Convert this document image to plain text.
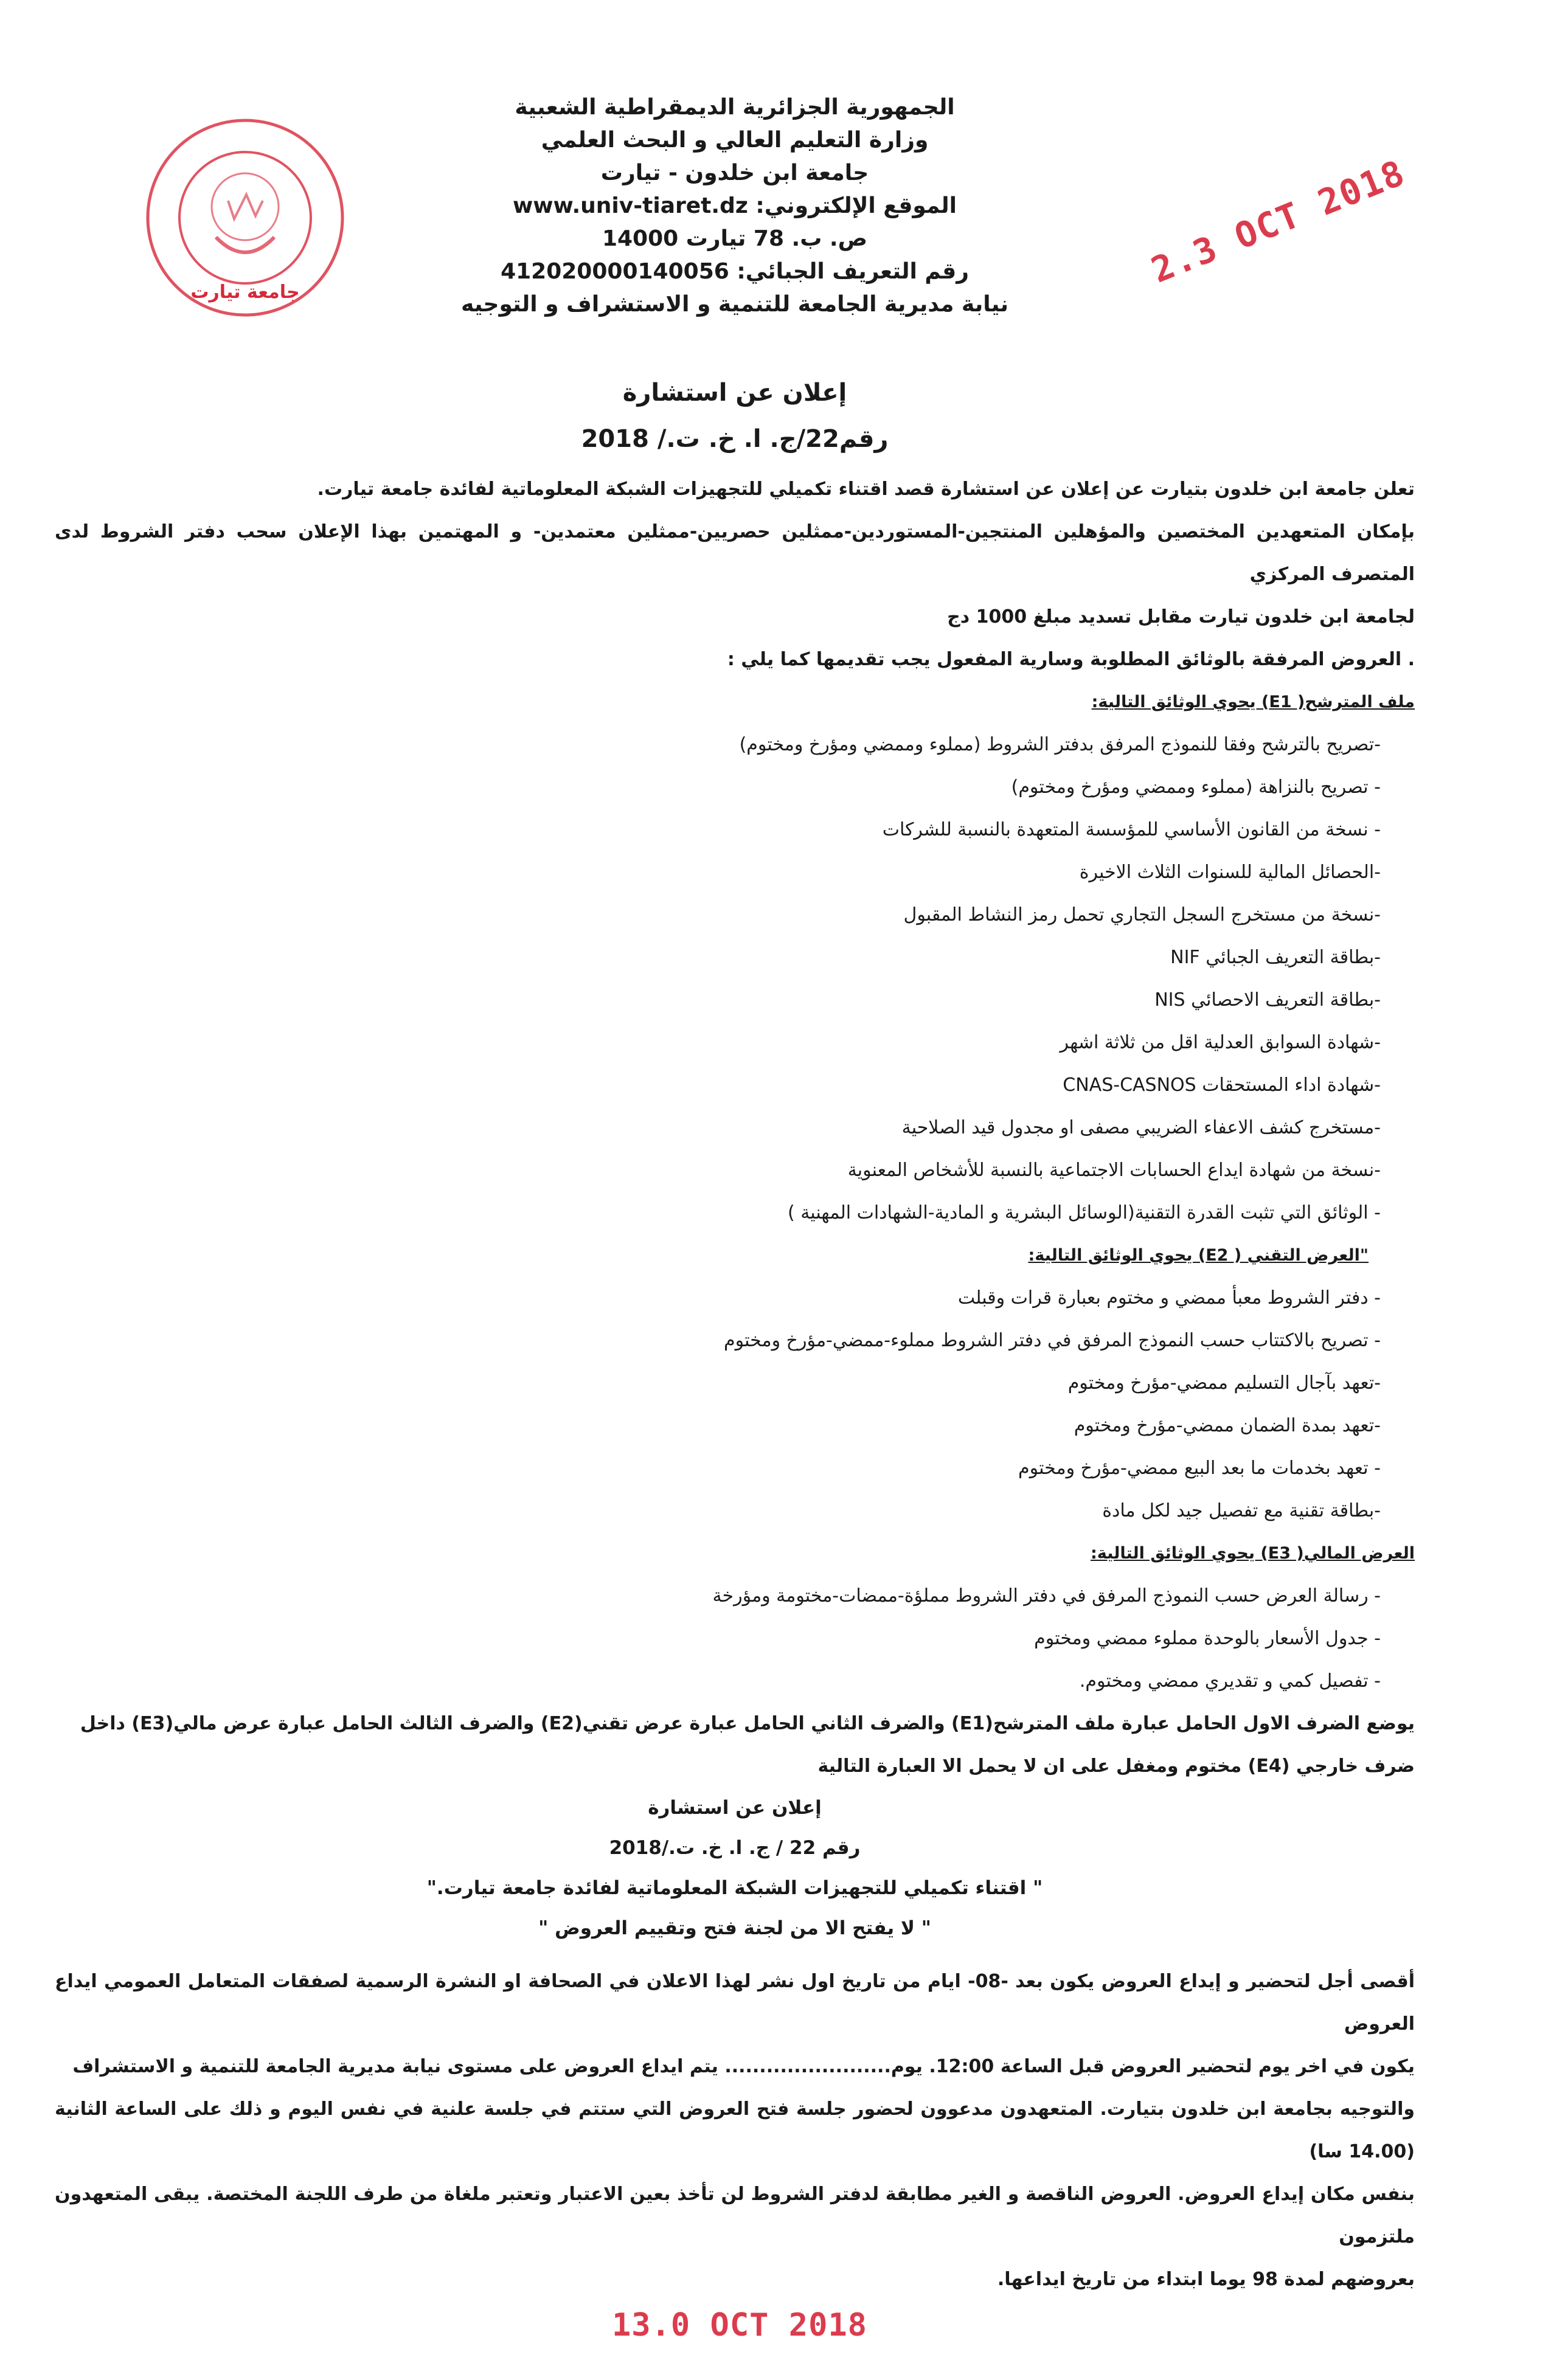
الجمهورية الجزائرية الديمقراطية الشعبية
وزارة التعليم العالي و البحث العلمي
جامعة ابن خلدون - تيارت
الموقع الإلكتروني: www.univ-tiaret.dz
ص. ب. 78 تيارت 14000
رقم التعريف الجبائي: 412020000140056
نيابة مديرية الجامعة للتنمية و الاستشراف و التوجيه
إعلان عن استشارة
رقم22/ج. ا. خ. ت./ 2018
تعلن جامعة ابن خلدون بتيارت عن إعلان عن استشارة قصد اقتناء تكميلي للتجهيزات الشبكة المعلوماتية لفائدة جامعة تيارت.
بإمكان المتعهدين المختصين والمؤهلين المنتجين-المستوردين-ممثلين حصريين-ممثلين معتمدين- و المهتمين بهذا الإعلان سحب دفتر الشروط لدى المتصرف المركزي
لجامعة ابن خلدون تيارت مقابل تسديد مبلغ 1000 دج
. العروض المرفقة بالوثائق المطلوبة وسارية المفعول يجب تقديمها كما يلي :
ملف المترشح( E1) يحوي الوثائق التالية:
-تصريح بالترشح وفقا للنموذج المرفق بدفتر الشروط (مملوء وممضي ومؤرخ ومختوم)
- تصريح بالنزاهة (مملوء وممضي ومؤرخ ومختوم)
- نسخة من القانون الأساسي للمؤسسة المتعهدة بالنسبة للشركات
-الحصائل المالية للسنوات الثلاث الاخيرة
-نسخة من مستخرج السجل التجاري تحمل رمز النشاط المقبول
-بطاقة التعريف الجبائي NIF
-بطاقة التعريف الاحصائي NIS
-شهادة السوابق العدلية اقل من ثلاثة اشهر
-شهادة اداء المستحقات CNAS-CASNOS
-مستخرج كشف الاعفاء الضريبي مصفى او مجدول قيد الصلاحية
-نسخة من شهادة ايداع الحسابات الاجتماعية بالنسبة للأشخاص المعنوية
- الوثائق التي تثبت القدرة التقنية(الوسائل البشرية و المادية-الشهادات المهنية )
"العرض التقني ( E2) يحوي الوثائق التالية:
- دفتر الشروط معبأ ممضي و مختوم بعبارة قرات وقبلت
- تصريح بالاكتتاب حسب النموذج المرفق في دفتر الشروط مملوء-ممضي-مؤرخ ومختوم
-تعهد بآجال التسليم ممضي-مؤرخ ومختوم
-تعهد بمدة الضمان ممضي-مؤرخ ومختوم
- تعهد بخدمات ما بعد البيع ممضي-مؤرخ ومختوم
-بطاقة تقنية مع تفصيل جيد لكل مادة
العرض المالي( E3) يحوي الوثائق التالية:
- رسالة العرض حسب النموذج المرفق في دفتر الشروط مملؤة-ممضات-مختومة ومؤرخة
- جدول الأسعار بالوحدة مملوء ممضي ومختوم
- تفصيل كمي و تقديري ممضي ومختوم.
يوضع الضرف الاول الحامل عبارة ملف المترشح(E1) والضرف الثاني الحامل عبارة عرض تقني(E2) والضرف الثالث الحامل عبارة عرض مالي(E3) داخل
ضرف خارجي (E4) مختوم ومغفل على ان لا يحمل الا العبارة التالية
إعلان عن استشارة
رقم 22 / ج. ا. خ. ت./2018
" اقتناء تكميلي للتجهيزات الشبكة المعلوماتية لفائدة جامعة تيارت."
" لا يفتح الا من لجنة فتح وتقييم العروض "
أقصى أجل لتحضير و إيداع العروض يكون بعد -08- ايام من تاريخ اول نشر لهذا الاعلان في الصحافة او النشرة الرسمية لصفقات المتعامل العمومي ايداع العروض
يكون في اخر يوم لتحضير العروض قبل الساعة 12:00. يوم........................ يتم ايداع العروض على مستوى نيابة مديرية الجامعة للتنمية و الاستشراف
والتوجيه بجامعة ابن خلدون بتيارت. المتعهدون مدعوون لحضور جلسة فتح العروض التي ستتم في جلسة علنية في نفس اليوم و ذلك على الساعة الثانية (14.00 سا)
بنفس مكان إيداع العروض. العروض الناقصة و الغير مطابقة لدفتر الشروط لن تأخذ بعين الاعتبار وتعتبر ملغاة من طرف اللجنة المختصة. يبقى المتعهدون ملتزمون
بعروضهم لمدة 98 يوما ابتداء من تاريخ ايداعها.
13.0 OCT 2018
جامعة تيارت
2.3 OCT 2018
